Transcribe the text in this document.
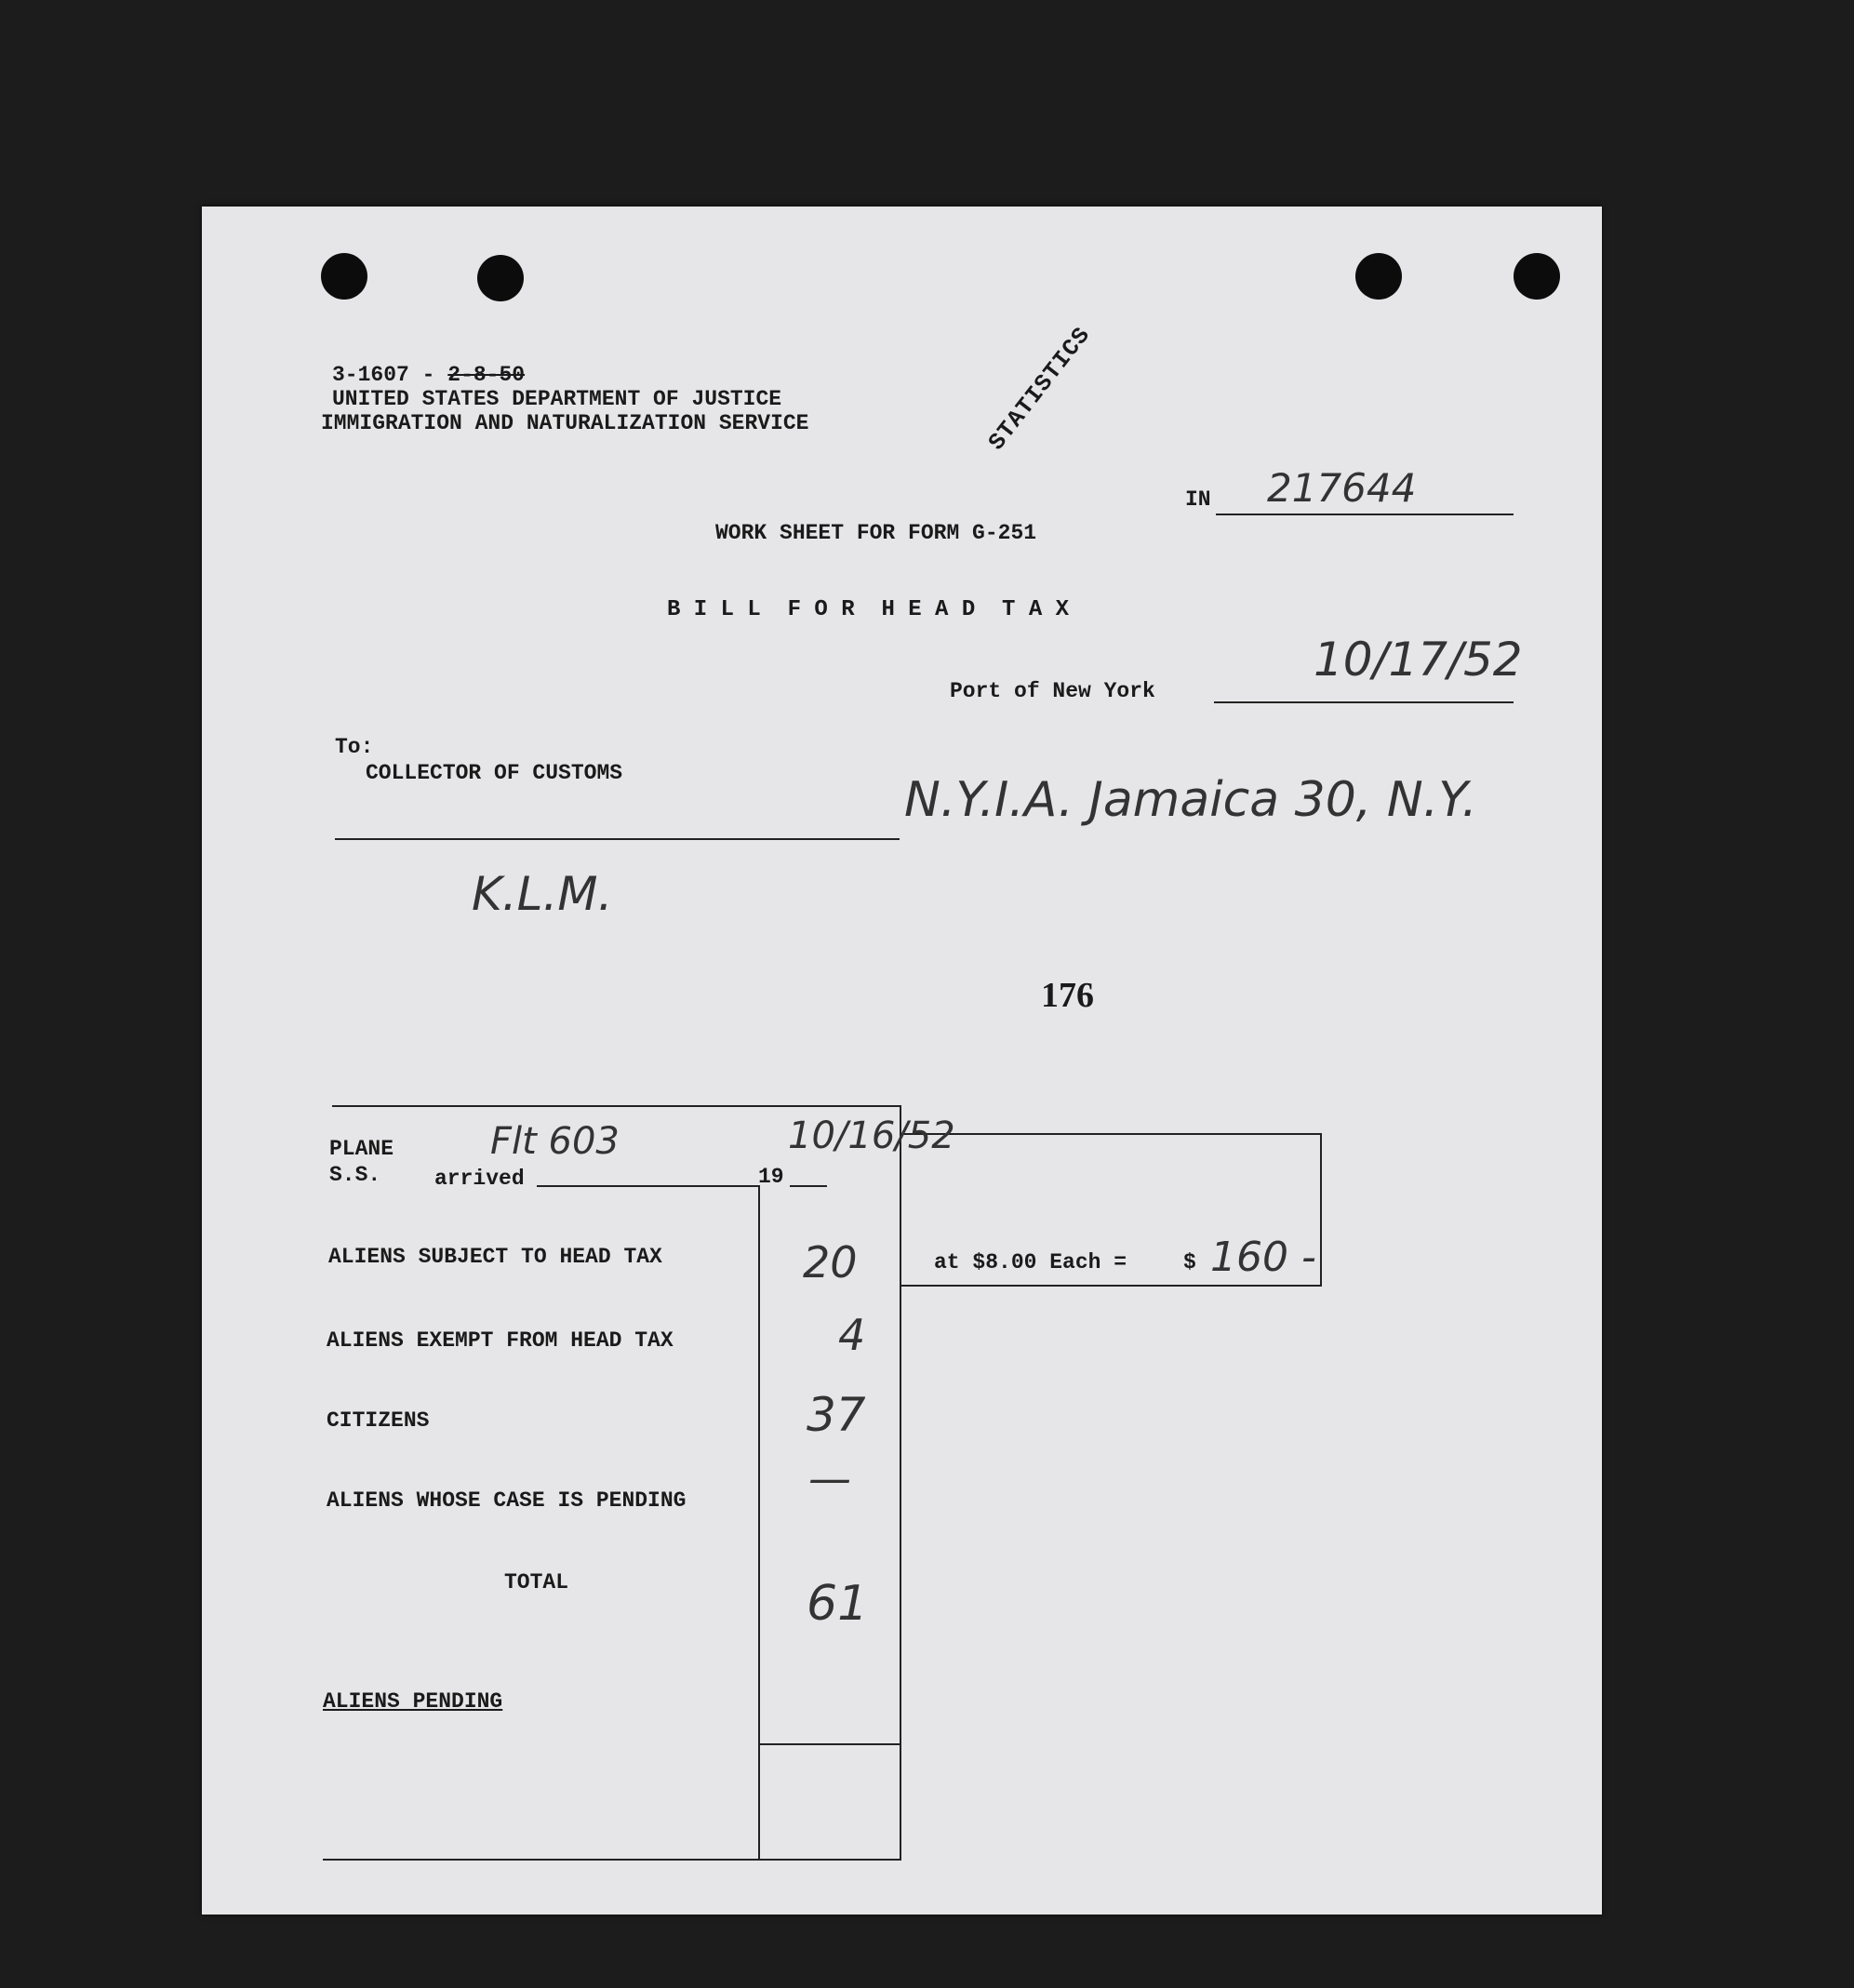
3-1607 - 2-8-50
UNITED STATES DEPARTMENT OF JUSTICE
IMMIGRATION AND NATURALIZATION SERVICE	STATISTICS
IN 217644
WORK SHEET FOR FORM G-251
B I L L  F O R  H E A D  T A X
Port of New York
10/17/52
To:
COLLECTOR OF CUSTOMS	N.Y.I.A. Jamaica 30, N.Y.
K.L.M.
176
PLANE
S.S.	arrived
Flt 603
19
10/16/52
ALIENS SUBJECT TO HEAD TAX	20
ALIENS EXEMPT FROM HEAD TAX	4
CITIZENS	37
ALIENS WHOSE CASE IS PENDING	—
TOTAL	61
at $8.00 Each =	$ 160 -
ALIENS PENDING
